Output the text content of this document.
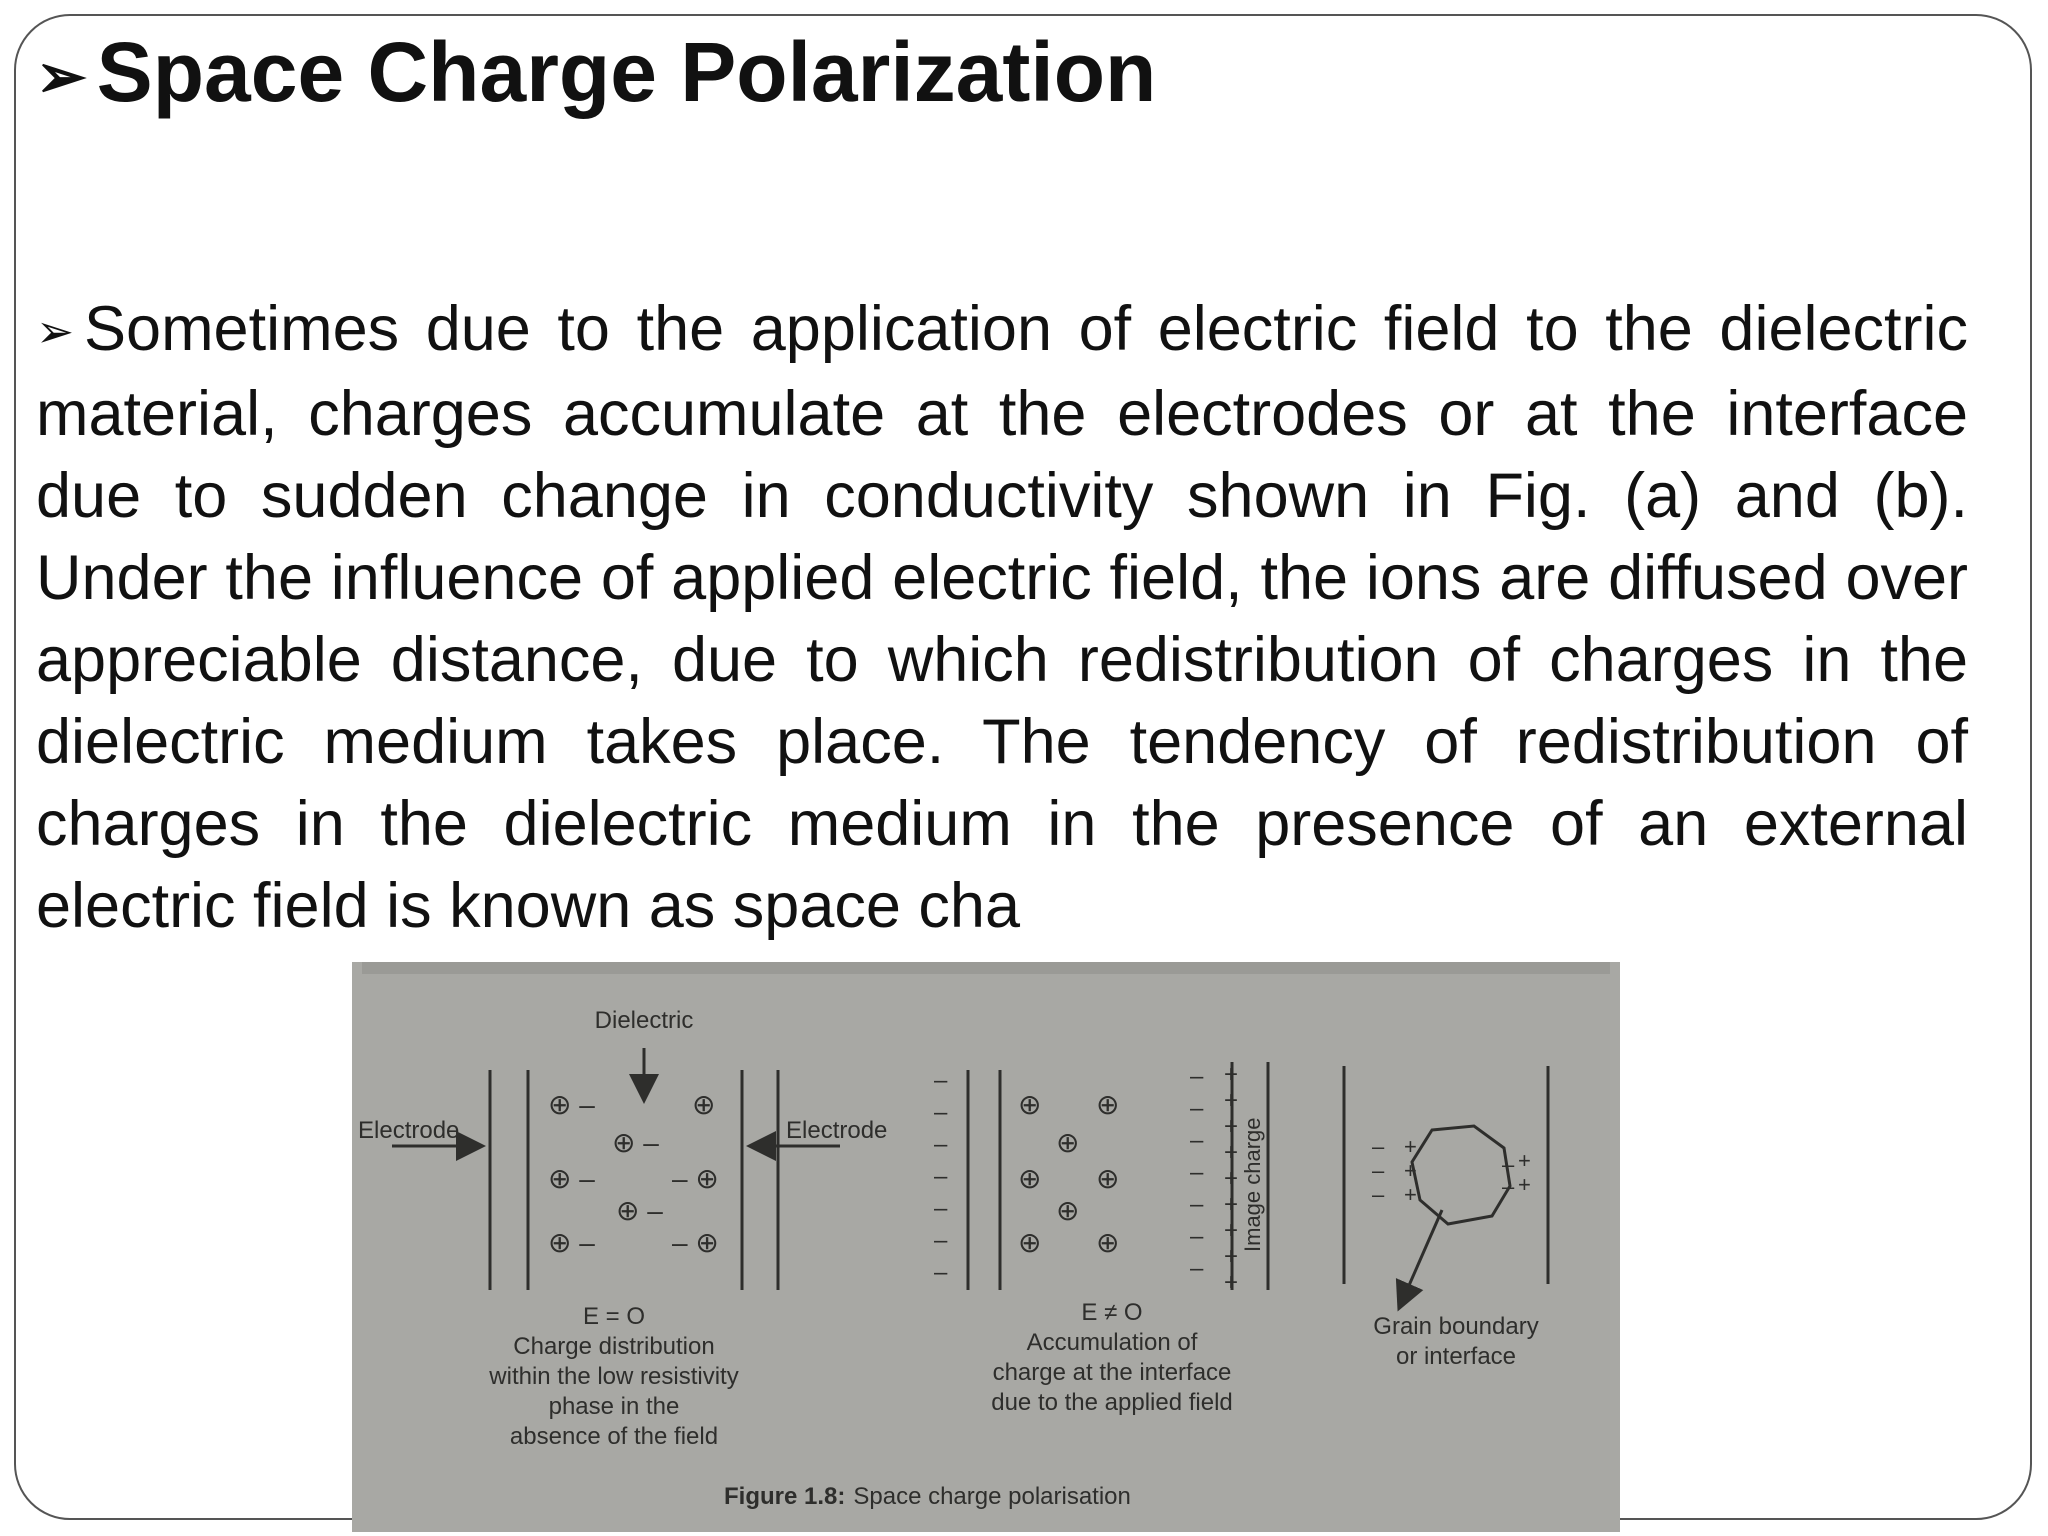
➢ Space Charge Polarization

➢ Sometimes due to the application of electric field to the dielectric material, charges accumulate at the electrodes or at the interface due to sudden change in conductivity shown in Fig. (a) and (b). Under the influence of applied electric field, the ions are diffused over appreciable distance, due to which redistribution of charges in the dielectric medium takes place. The tendency of redistribution of charges in the dielectric medium in the presence of an external electric field is known as space cha

Dielectric
Electrode	Electrode
⊕ –
⊕ –
⊕
⊕ –	– ⊕
⊕ –
⊕ –	– ⊕
E = O
Charge distribution
within the low resistivity
phase in the
absence of the field
–
–
–
–
–
–
–
–
–
–
–
–
–
–
+
+
+
+
+
+
+
+
+
⊕ ⊕
⊕
⊕ ⊕
⊕
⊕ ⊕	Image charge
E ≠ O
Accumulation of
charge at the interface
due to the applied field
–
–
–
+
+
+
–
–
+
+
Grain boundary
or interface
Figure 1.8: Space charge polarisation
